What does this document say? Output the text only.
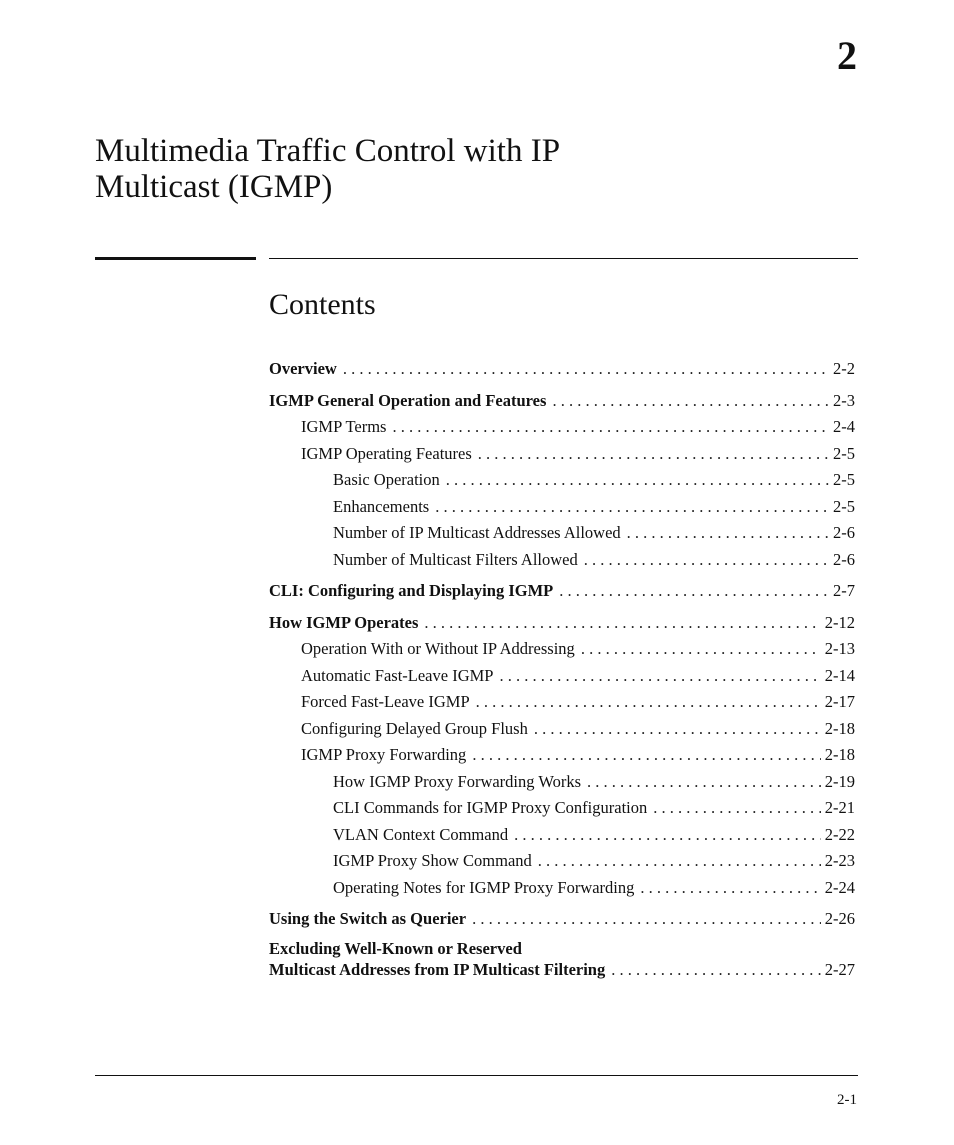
2
Multimedia Traffic Control with IP
Multicast (IGMP)
Contents
Overview . . .	2-2
IGMP General Operation and Features . . .	2-3
IGMP Terms . . .	2-4
IGMP Operating Features . . .	2-5
Basic Operation . . .	2-5
Enhancements . . .	2-5
Number of IP Multicast Addresses Allowed . . .	2-6
Number of Multicast Filters Allowed . . .	2-6
CLI: Configuring and Displaying IGMP . . .	2-7
How IGMP Operates . . .	2-12
Operation With or Without IP Addressing . . .	2-13
Automatic Fast-Leave IGMP . . .	2-14
Forced Fast-Leave IGMP . . .	2-17
Configuring Delayed Group Flush . . .	2-18
IGMP Proxy Forwarding . . .	2-18
How IGMP Proxy Forwarding Works . . .	2-19
CLI Commands for IGMP Proxy Configuration . . .	2-21
VLAN Context Command . . .	2-22
IGMP Proxy Show Command . . .	2-23
Operating Notes for IGMP Proxy Forwarding . . .	2-24
Using the Switch as Querier . . .	2-26
Excluding Well-Known or Reserved
Multicast Addresses from IP Multicast Filtering . . .	2-27
2-1
